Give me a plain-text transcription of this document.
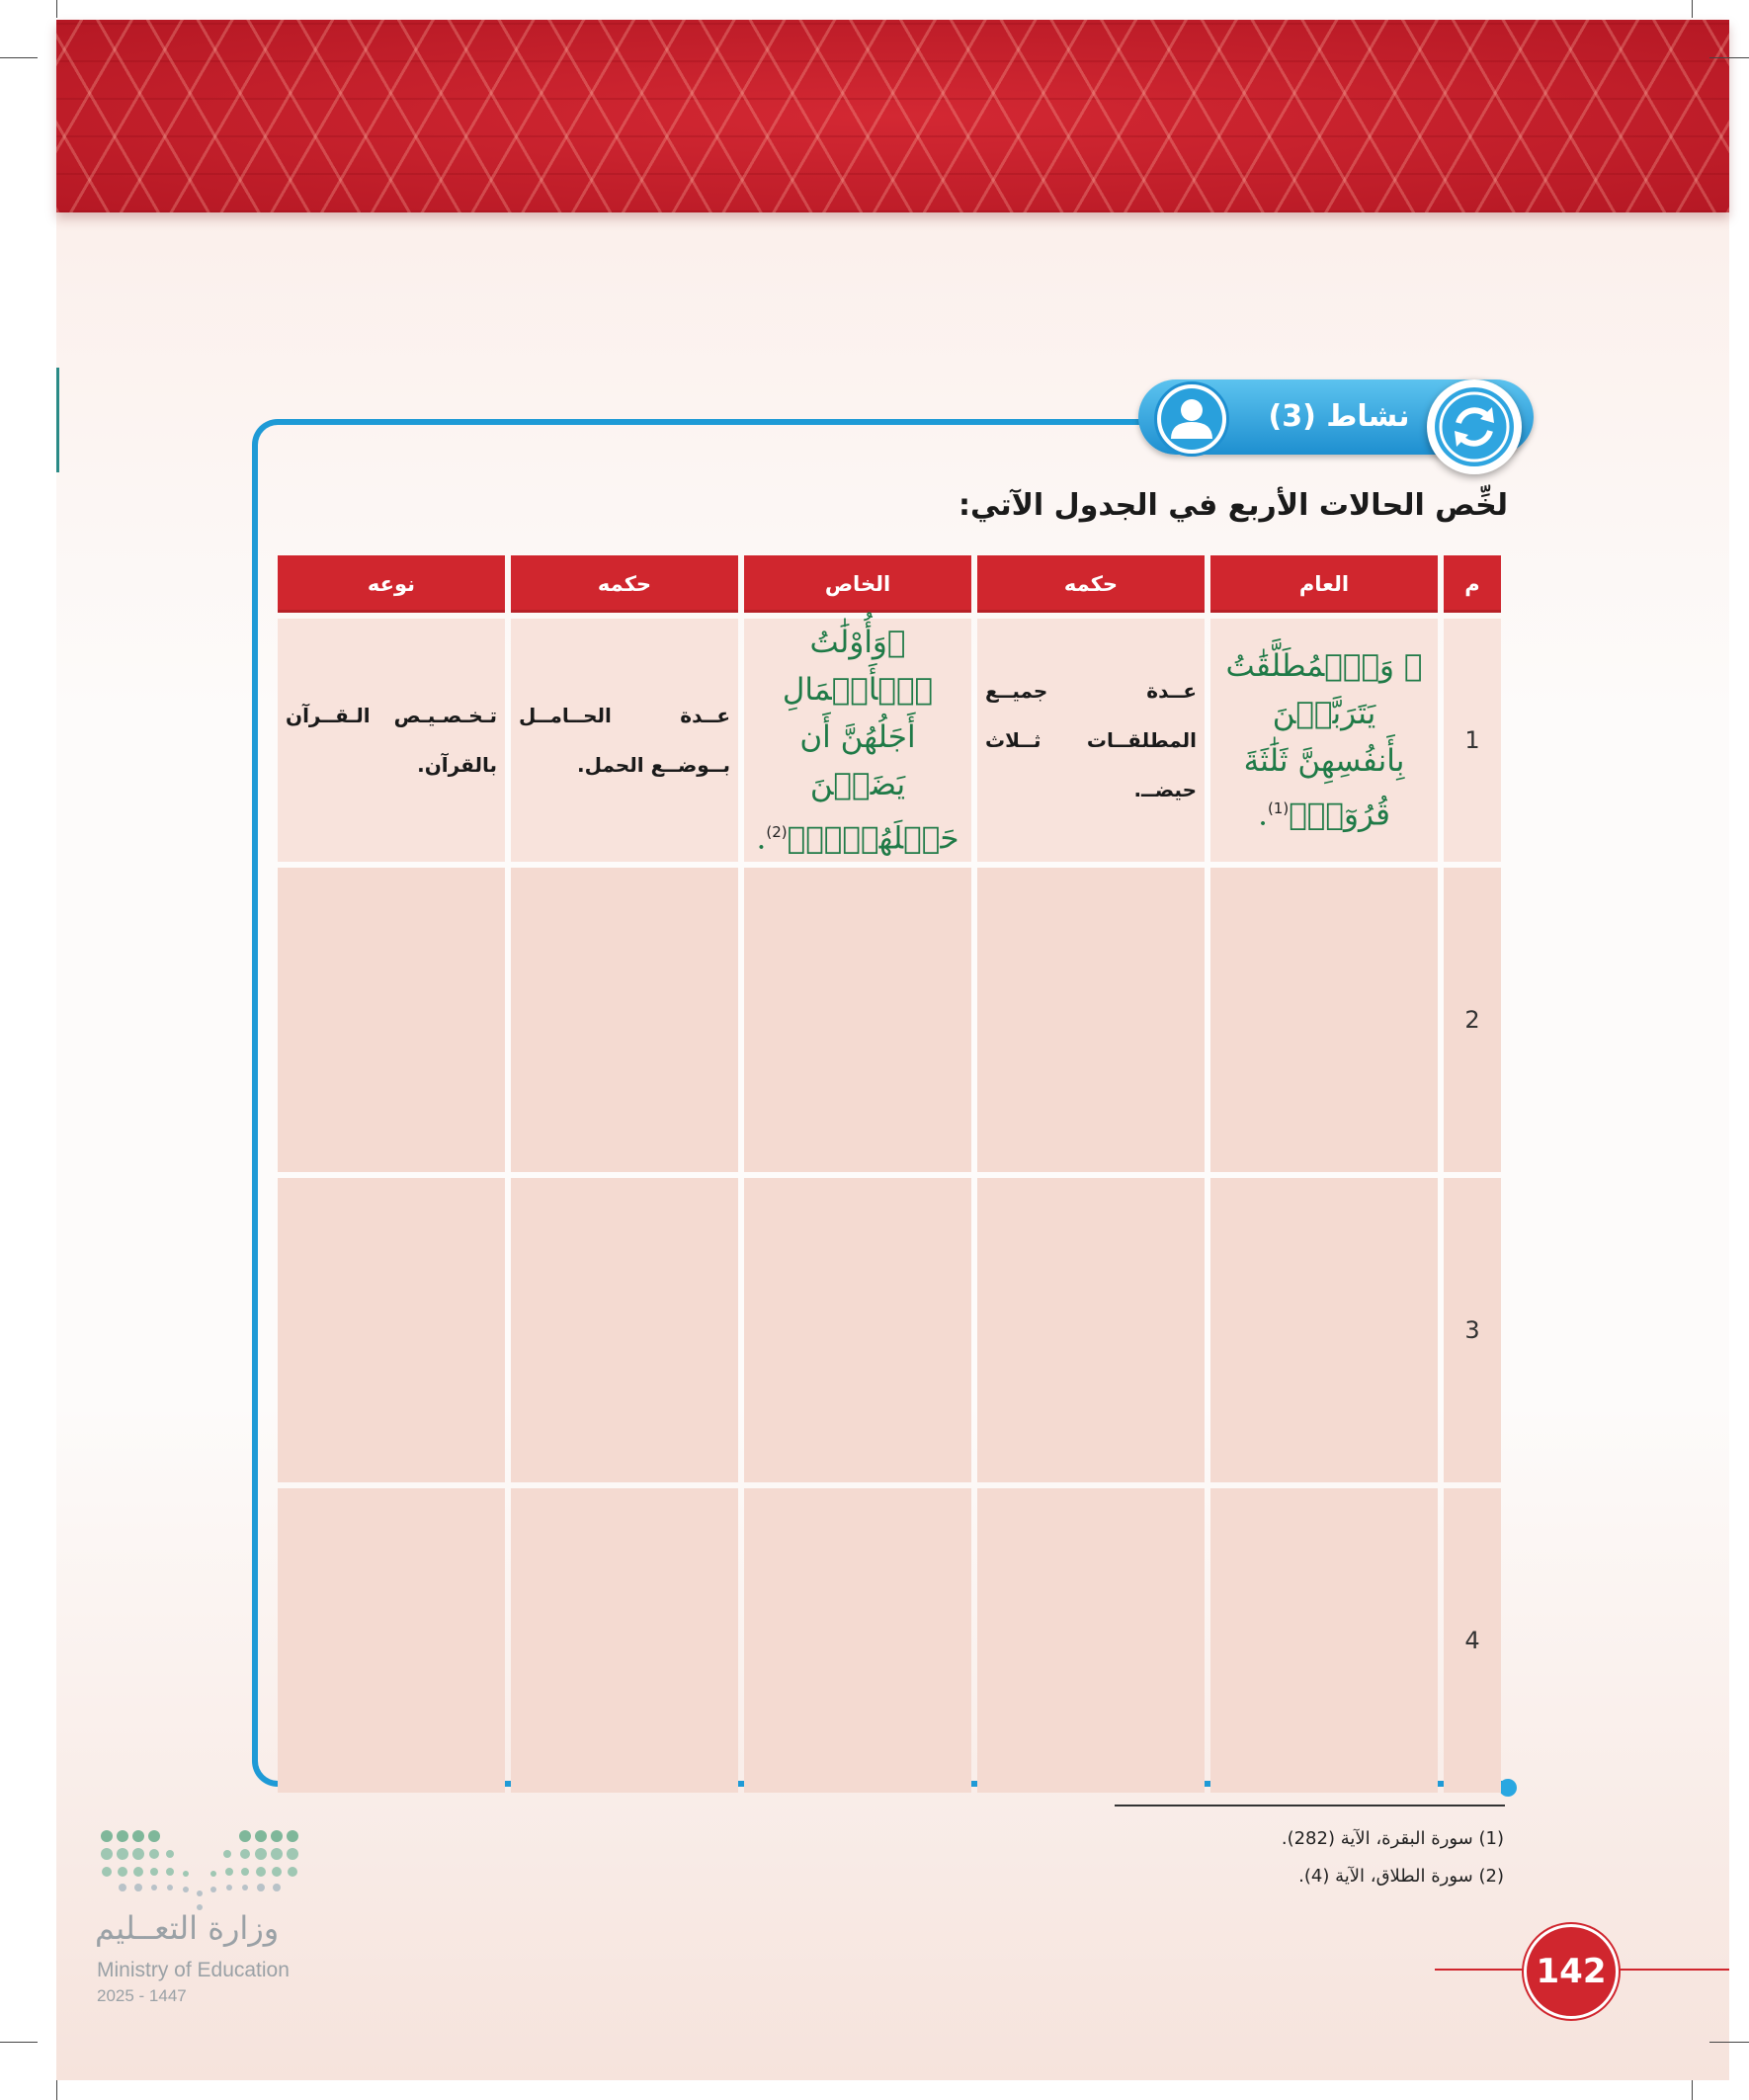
نشاط (3)
لخِّص الحالات الأربع في الجدول الآتي:
م	العام	حكمه	الخاص	حكمه	نوعه
1	﴿ وَٱلۡمُطَلَّقَٰتُ يَتَرَبَّصۡنَ بِأَنفُسِهِنَّ ثَلَٰثَةَ قُرُوٓءٖ﴾$^{(1)}$.	عــدة جميــع المطلقــات ثــلاث حيضــ.	﴿وَأُوْلَٰتُ ٱلۡأَحۡمَالِ أَجَلُهُنَّ أَن يَضَعۡنَ حَمۡلَهُنَّۚ﴾$^{(2)}$.	عــدة الحــامــل بــوضــع الحمل.	تـخـصـيـص الـقــرآن بالقرآن.
2					
3					
4					
(1) سورة البقرة، الآية (282).
(2) سورة الطلاق، الآية (4).
142
وزارة التعــليم
Ministry of Education
2025 - 1447
